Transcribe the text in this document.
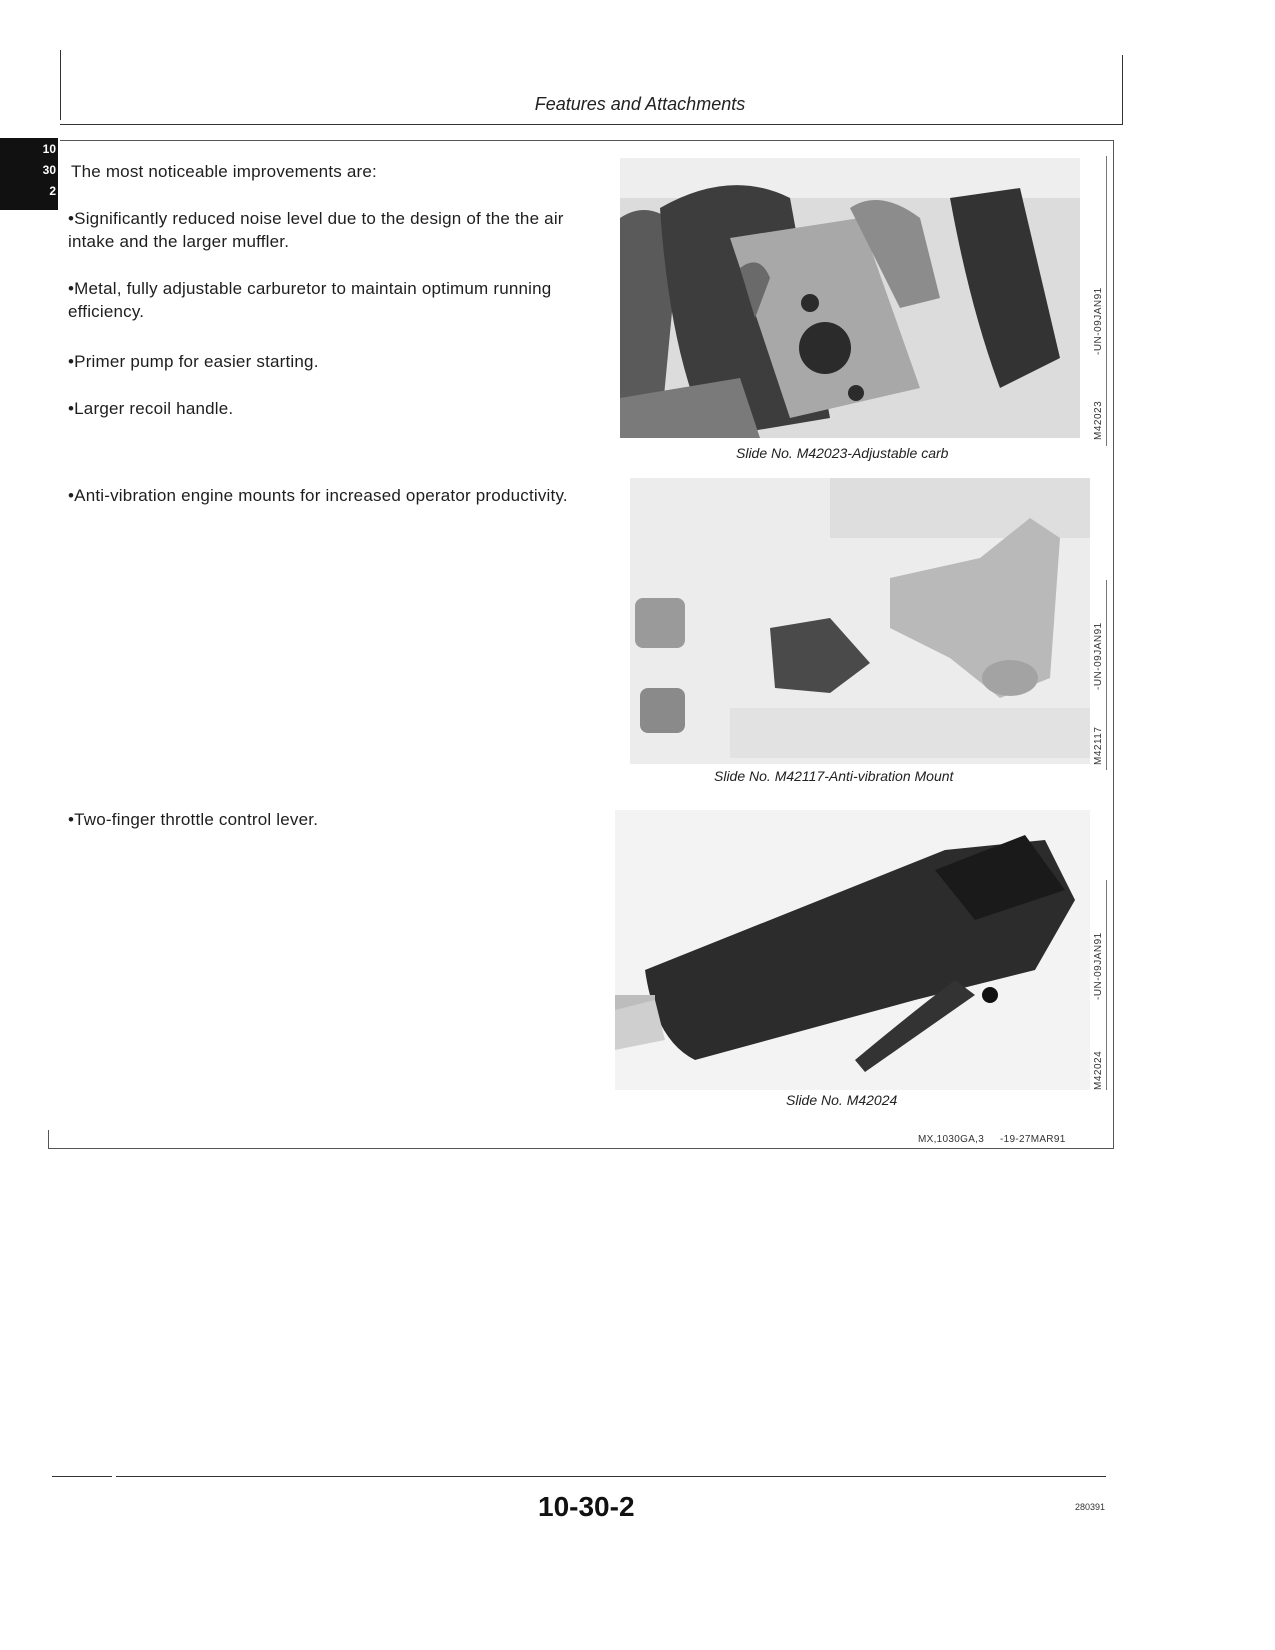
Features and Attachments
10
30
2
The most noticeable improvements are:
•Significantly reduced noise level due to the design of the the air intake and the larger muffler.
•Metal, fully adjustable carburetor to maintain optimum running efficiency.
•Primer pump for easier starting.
•Larger recoil handle.
•Anti-vibration engine mounts for increased operator productivity.
•Two-finger throttle control lever.
Slide No. M42023-Adjustable carb
M42023
-UN-09JAN91
Slide No. M42117-Anti-vibration Mount
M42117
-UN-09JAN91
Slide No. M42024
M42024
-UN-09JAN91
MX,1030GA,3 -19-27MAR91
10-30-2	280391
